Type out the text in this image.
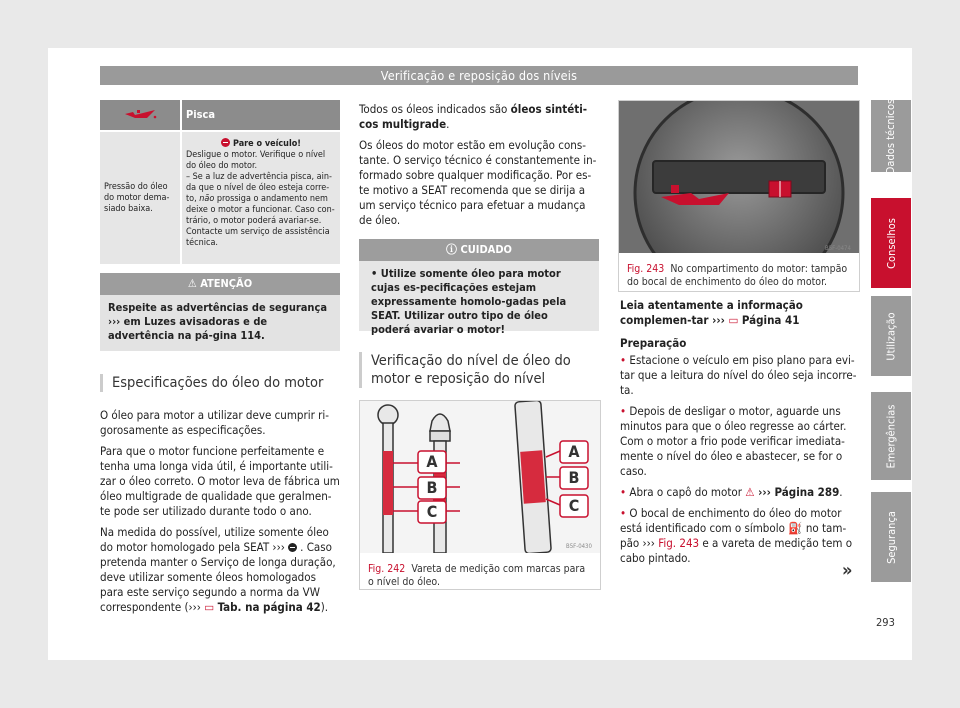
Verificação e reposição dos níveis
Dados técnicos
Conselhos
Utilização
Emergências
Segurança
Pisca
Pressão do óleo do motor dema-siado baixa.
Pare o veículo!
Desligue o motor. Verifique o nível do óleo do motor.
– Se a luz de advertência pisca, ain-da que o nível de óleo esteja corre-to, não prossiga o andamento nem deixe o motor a funcionar. Caso con-trário, o motor poderá avariar-se. Contacte um serviço de assistência técnica.
⚠ ATENÇÃO
Respeite as advertências de segurança ››› em Luzes avisadoras e de advertência na pá-gina 114.
Especificações do óleo do motor

O óleo para motor a utilizar deve cumprir ri-gorosamente as especificações.

Para que o motor funcione perfeitamente e tenha uma longa vida útil, é importante utili-zar o óleo correto. O motor leva de fábrica um óleo multigrade de qualidade que geralmen-te pode ser utilizado durante todo o ano.

Na medida do possível, utilize somente óleo do motor homologado pela SEAT ››› . Caso pretenda manter o Serviço de longa duração, deve utilizar somente óleos homologados para este serviço segundo a norma da VW correspondente (››› ▭ Tab. na página 42).

Todos os óleos indicados são óleos sintéti-cos multigrade.

Os óleos do motor estão em evolução cons-tante. O serviço técnico é constantemente in-formado sobre qualquer modificação. Por es-te motivo a SEAT recomenda que se dirija a um serviço técnico para efetuar a mudança de óleo.

ⓘ CUIDADO
• Utilize somente óleo para motor cujas es-pecificações estejam expressamente homolo-gadas pela SEAT. Utilizar outro tipo de óleo poderá avariar o motor!
Verificação do nível de óleo do motor e reposição do nível
A
B
C
A
B
C
B5F-0430
Fig. 242 Vareta de medição com marcas para o nível do óleo.
B5F-0474
Fig. 243 No compartimento do motor: tampão do bocal de enchimento do óleo do motor.

Leia atentamente a informação complemen-tar ››› ▭ Página 41

Preparação

• Estacione o veículo em piso plano para evi-tar que a leitura do nível do óleo seja incorre-ta.

• Depois de desligar o motor, aguarde uns minutos para que o óleo regresse ao cárter. Com o motor a frio pode verificar imediata-mente o nível do óleo e abastecer, se for o caso.

• Abra o capô do motor ⚠ ››› Página 289.

• O bocal de enchimento do óleo do motor está identificado com o símbolo ⛽ no tam-pão ››› Fig. 243 e a vareta de medição tem o cabo pintado.

»
293
